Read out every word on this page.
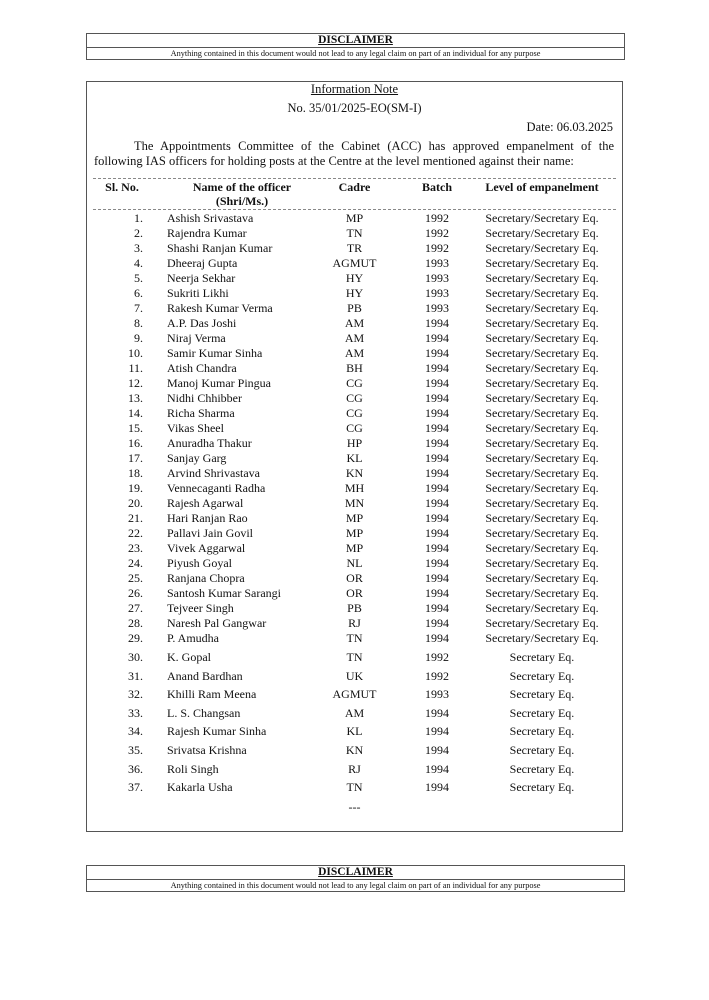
DISCLAIMER
Anything contained in this document would not lead to any legal claim on part of an individual for any purpose
Information Note
No. 35/01/2025-EO(SM-I)
Date: 06.03.2025

The Appointments Committee of the Cabinet (ACC) has approved empanelment of the following IAS officers for holding posts at the Centre at the level mentioned against their name:

Sl. No.	Name of the officer
(Shri/Ms.)
Cadre	Batch	Level of empanelment
1. Ashish Srivastava	MP	1992	Secretary/Secretary Eq.
2. Rajendra Kumar	TN	1992	Secretary/Secretary Eq.
3. Shashi Ranjan Kumar	TR	1992	Secretary/Secretary Eq.
4. Dheeraj Gupta	AGMUT	1993	Secretary/Secretary Eq.
5. Neerja Sekhar	HY	1993	Secretary/Secretary Eq.
6. Sukriti Likhi	HY	1993	Secretary/Secretary Eq.
7. Rakesh Kumar Verma	PB	1993	Secretary/Secretary Eq.
8. A.P. Das Joshi	AM	1994	Secretary/Secretary Eq.
9. Niraj Verma	AM	1994	Secretary/Secretary Eq.
10. Samir Kumar Sinha	AM	1994	Secretary/Secretary Eq.
11. Atish Chandra	BH	1994	Secretary/Secretary Eq.
12. Manoj Kumar Pingua	CG	1994	Secretary/Secretary Eq.
13. Nidhi Chhibber	CG	1994	Secretary/Secretary Eq.
14. Richa Sharma	CG	1994	Secretary/Secretary Eq.
15. Vikas Sheel	CG	1994	Secretary/Secretary Eq.
16. Anuradha Thakur	HP	1994	Secretary/Secretary Eq.
17. Sanjay Garg	KL	1994	Secretary/Secretary Eq.
18. Arvind Shrivastava	KN	1994	Secretary/Secretary Eq.
19. Vennecaganti Radha	MH	1994	Secretary/Secretary Eq.
20. Rajesh Agarwal	MN	1994	Secretary/Secretary Eq.
21. Hari Ranjan Rao	MP	1994	Secretary/Secretary Eq.
22. Pallavi Jain Govil	MP	1994	Secretary/Secretary Eq.
23. Vivek Aggarwal	MP	1994	Secretary/Secretary Eq.
24. Piyush Goyal	NL	1994	Secretary/Secretary Eq.
25. Ranjana Chopra	OR	1994	Secretary/Secretary Eq.
26. Santosh Kumar Sarangi	OR	1994	Secretary/Secretary Eq.
27. Tejveer Singh	PB	1994	Secretary/Secretary Eq.
28. Naresh Pal Gangwar	RJ	1994	Secretary/Secretary Eq.
29. P. Amudha	TN	1994	Secretary/Secretary Eq.
30. K. Gopal	TN	1992	Secretary Eq.
31. Anand Bardhan	UK	1992	Secretary Eq.
32. Khilli Ram Meena	AGMUT	1993	Secretary Eq.
33. L. S. Changsan	AM	1994	Secretary Eq.
34. Rajesh Kumar Sinha	KL	1994	Secretary Eq.
35. Srivatsa Krishna	KN	1994	Secretary Eq.
36. Roli Singh	RJ	1994	Secretary Eq.
37. Kakarla Usha	TN	1994	Secretary Eq.
---
DISCLAIMER
Anything contained in this document would not lead to any legal claim on part of an individual for any purpose
